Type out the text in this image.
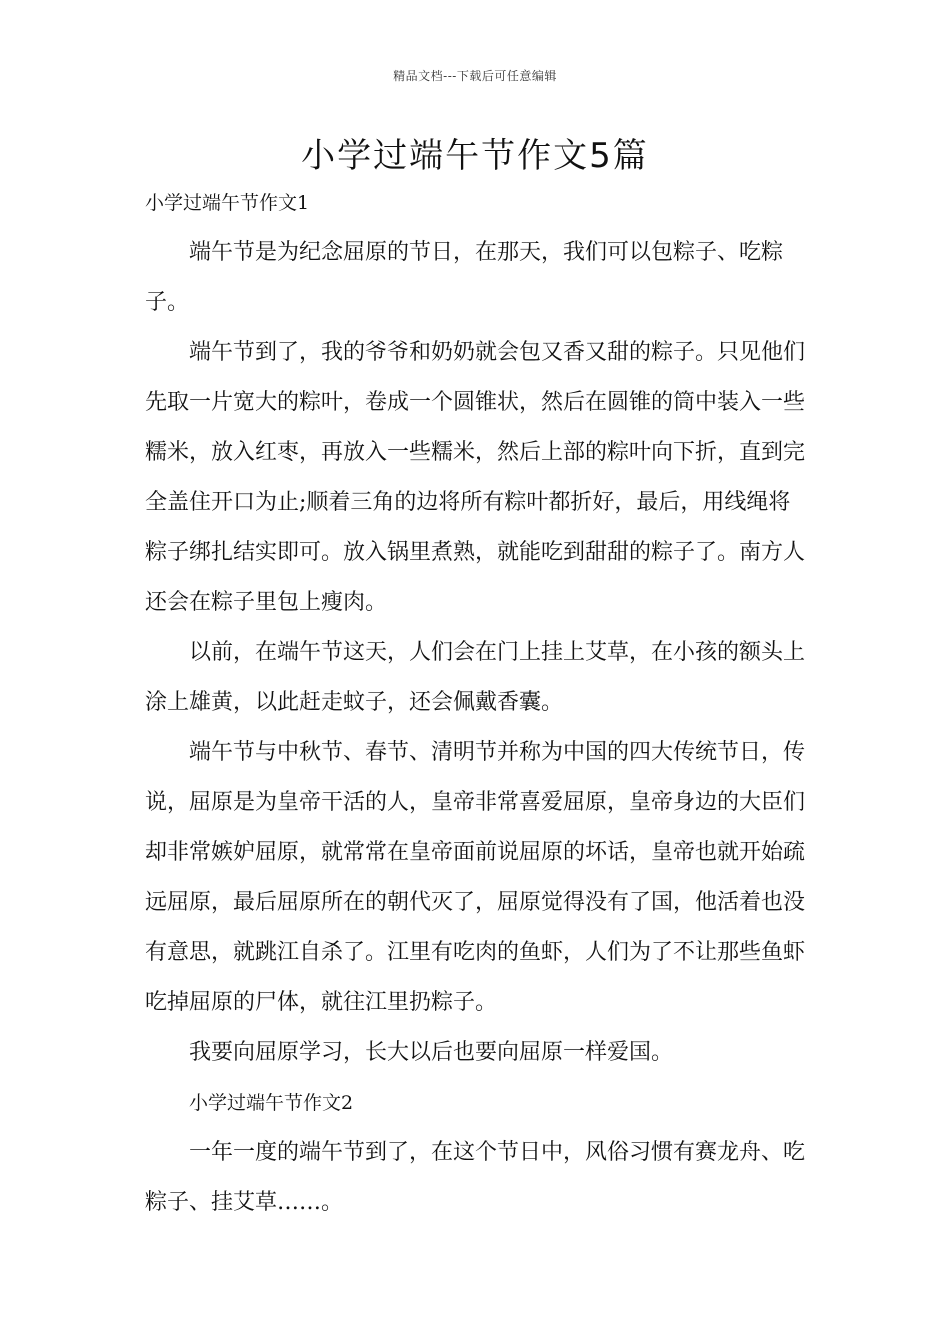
精品文档---下载后可任意编辑
小学过端午节作文5篇

小学过端午节作文1

端午节是为纪念屈原的节日，在那天，我们可以包粽子、吃粽子。

端午节到了，我的爷爷和奶奶就会包又香又甜的粽子。只见他们先取一片宽大的粽叶，卷成一个圆锥状，然后在圆锥的筒中装入一些糯米，放入红枣，再放入一些糯米，然后上部的粽叶向下折，直到完全盖住开口为止;顺着三角的边将所有粽叶都折好，最后，用线绳将粽子绑扎结实即可。放入锅里煮熟，就能吃到甜甜的粽子了。南方人还会在粽子里包上瘦肉。

以前，在端午节这天，人们会在门上挂上艾草，在小孩的额头上涂上雄黄，以此赶走蚊子，还会佩戴香囊。

端午节与中秋节、春节、清明节并称为中国的四大传统节日，传说，屈原是为皇帝干活的人，皇帝非常喜爱屈原，皇帝身边的大臣们却非常嫉妒屈原，就常常在皇帝面前说屈原的坏话，皇帝也就开始疏远屈原，最后屈原所在的朝代灭了，屈原觉得没有了国，他活着也没有意思，就跳江自杀了。江里有吃肉的鱼虾，人们为了不让那些鱼虾吃掉屈原的尸体，就往江里扔粽子。

我要向屈原学习，长大以后也要向屈原一样爱国。

小学过端午节作文2

一年一度的端午节到了，在这个节日中，风俗习惯有赛龙舟、吃粽子、挂艾草……。
